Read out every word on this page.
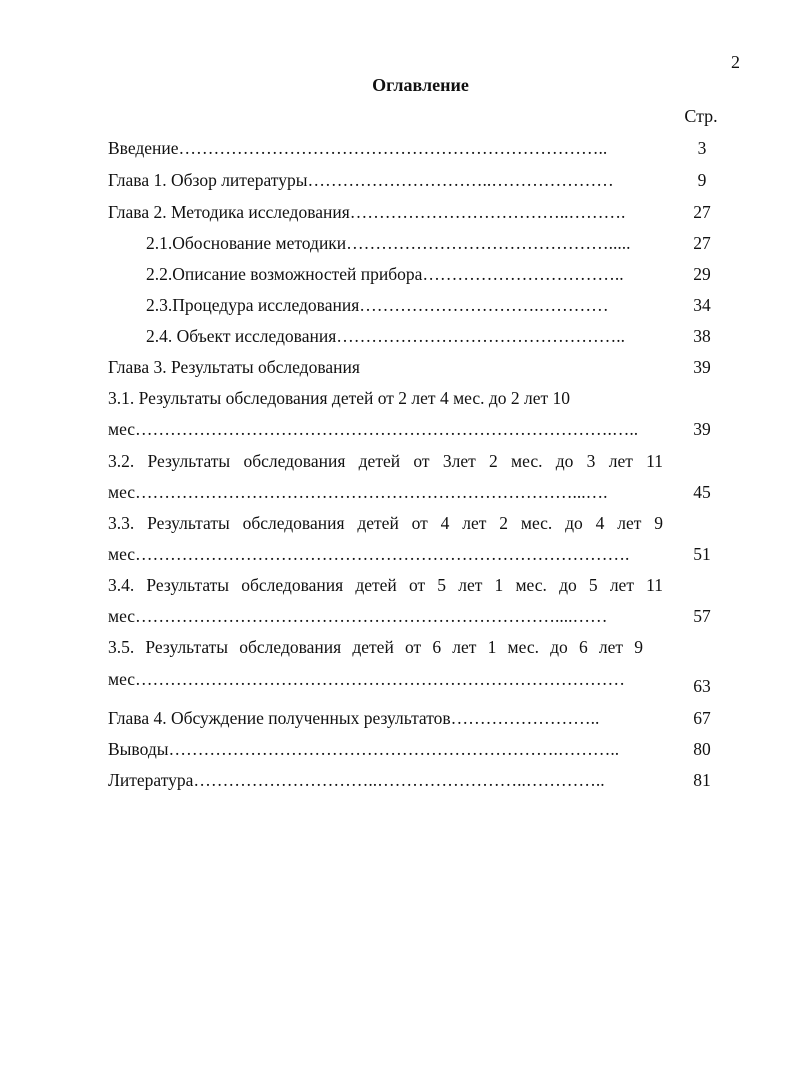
2
Оглавление
Стр.
Введение………………………………………………………………..	3
Глава 1. Обзор литературы…………………………..…………………	9
Глава 2. Методика исследования………………………………..……….	27
2.1.Обоснование методики……………………………………….....	27
2.2.Описание возможностей прибора……………………………..	29
2.3.Процедура исследования………………………….…………	34
2.4. Объект исследования…………………………………………..	38
Глава 3. Результаты обследования	39
3.1. Результаты обследования детей от 2 лет 4 мес. до 2 лет 10
мес……………………………………………………………………….…..	39
3.2. Результаты обследования детей от 3лет 2 мес. до 3 лет 11
мес…………………………………………………………………...….	45
3.3. Результаты обследования детей от 4 лет 2 мес. до 4 лет 9
мес………………………………………………………………………….	51
3.4. Результаты обследования детей от 5 лет 1 мес. до 5 лет 11
мес………………………………………………………………....……	57
3.5. Результаты обследования детей от 6 лет 1 мес. до 6 лет 9
мес…………………………………………………………………………	63
Глава 4. Обсуждение полученных результатов……………………..	67
Выводы………………………………………………………….………..	80
Литература…………………………..……………………..…………..	81
